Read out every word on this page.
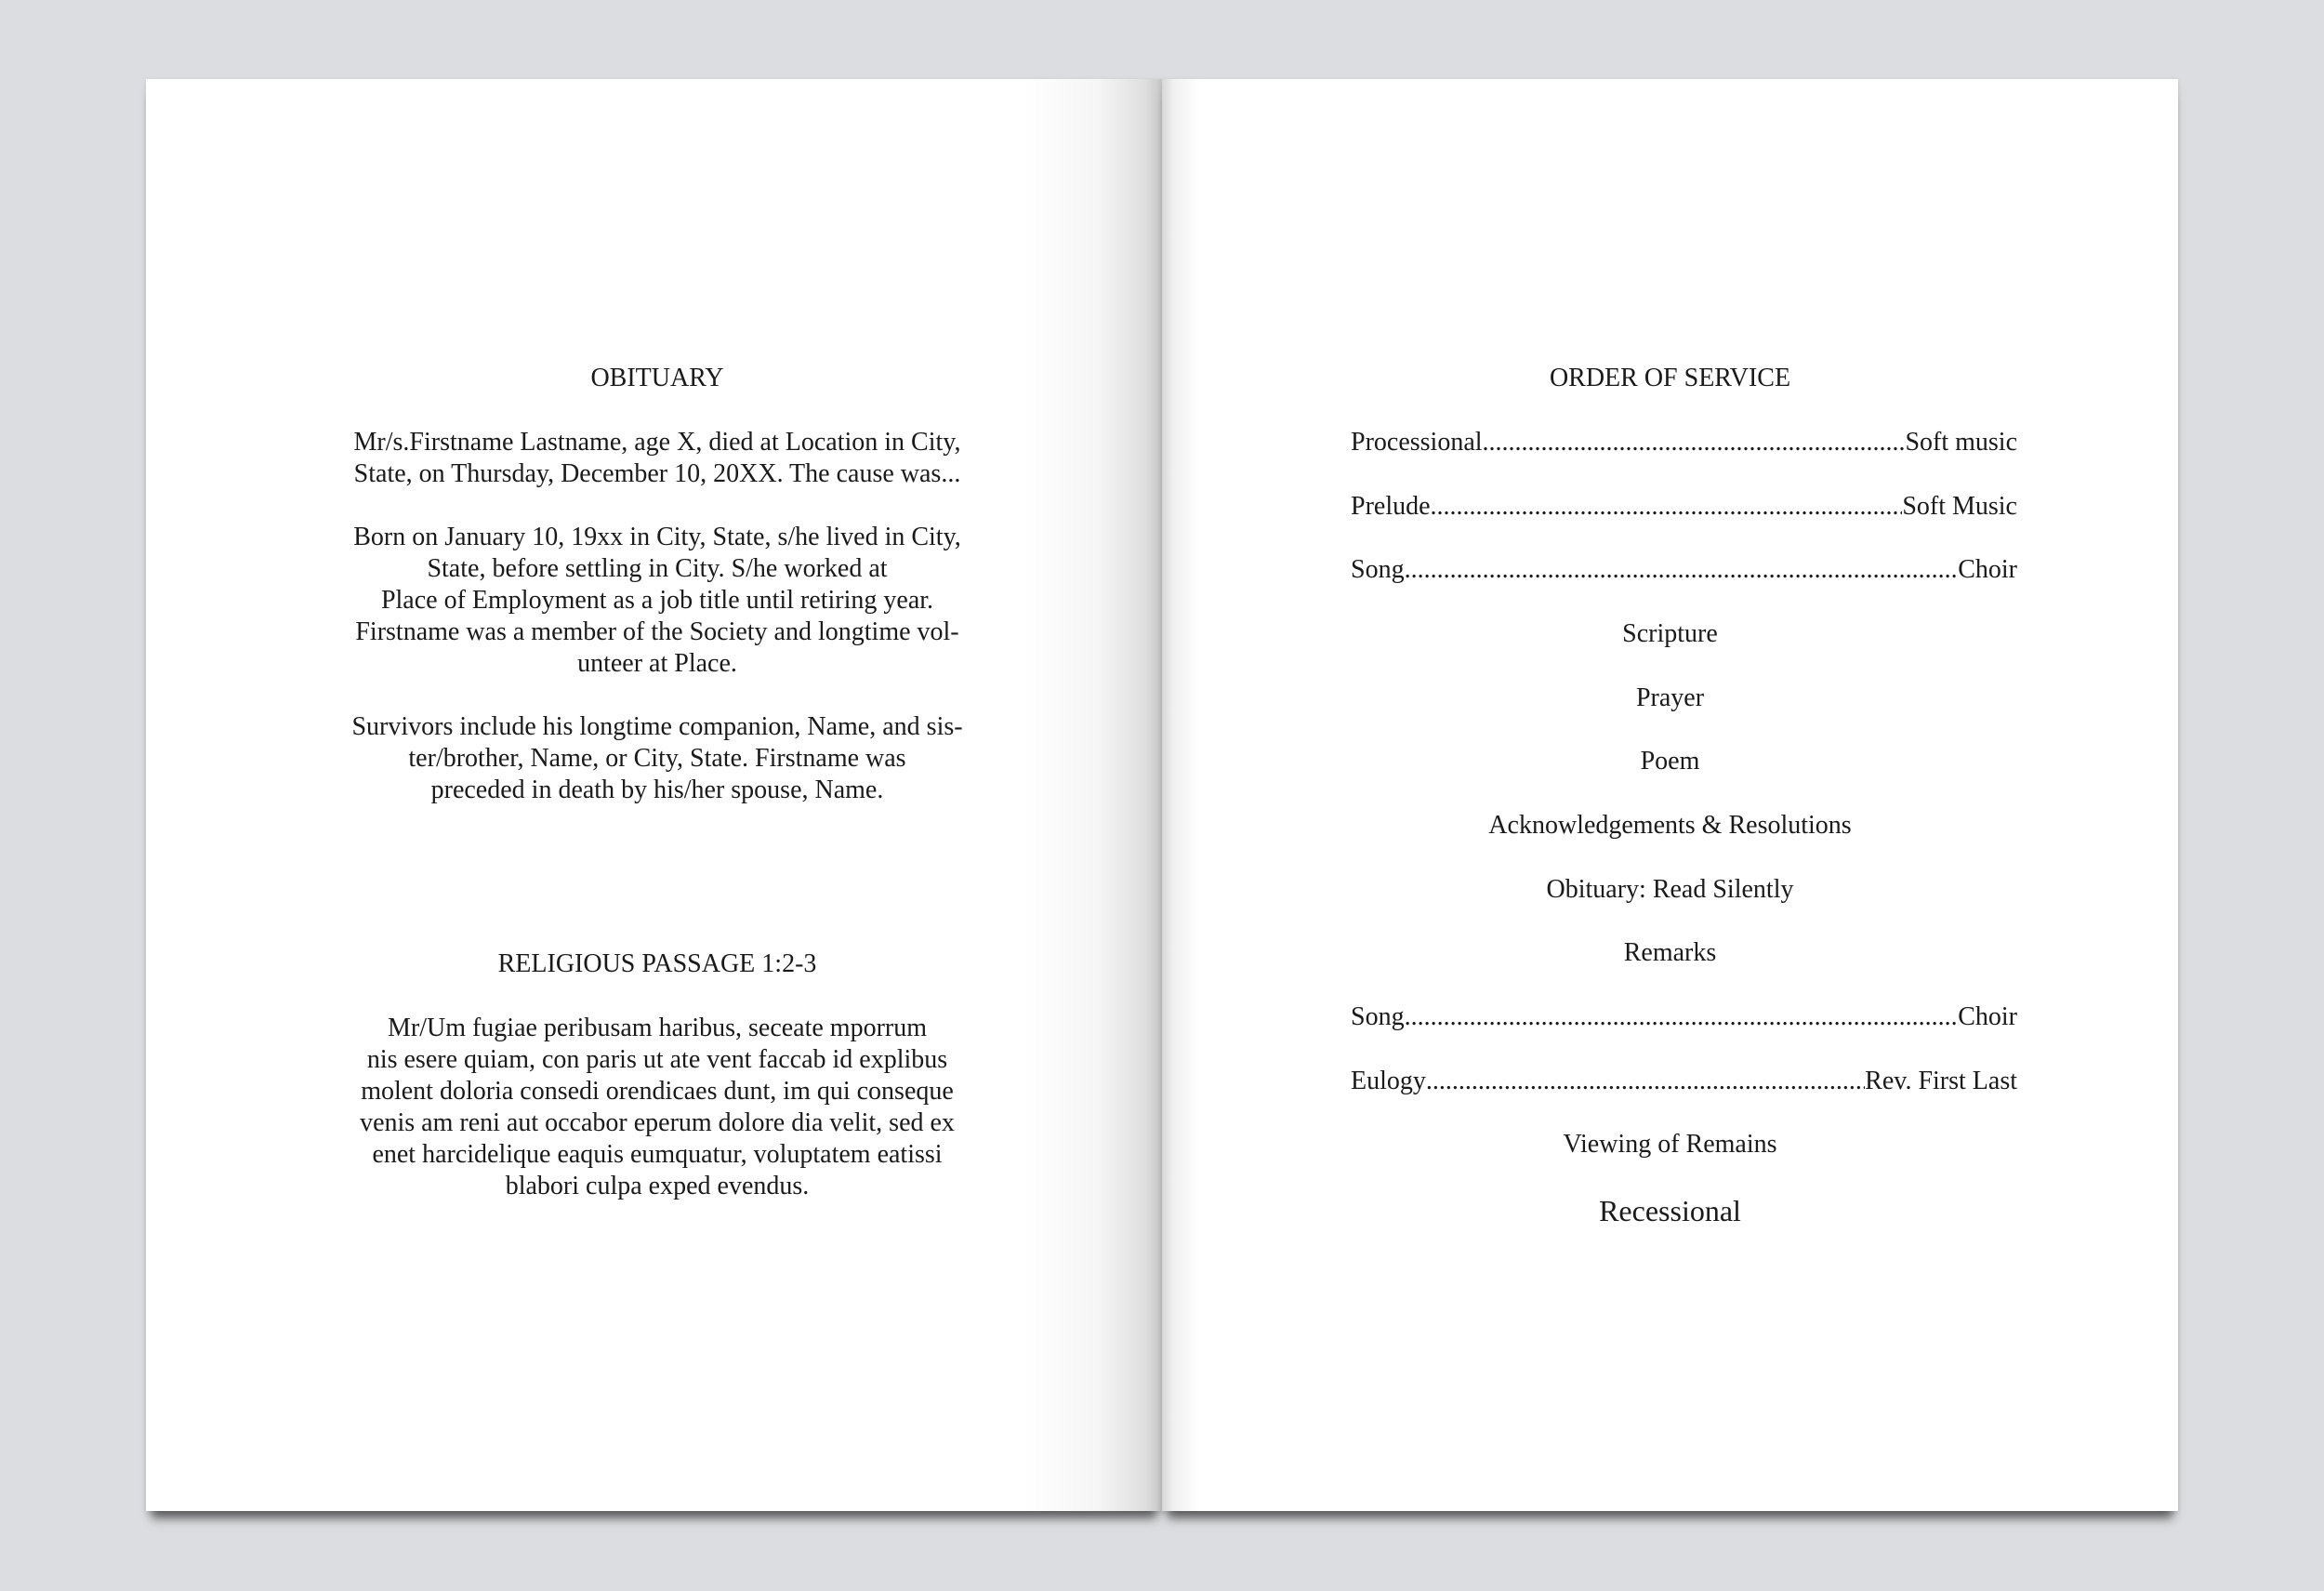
OBITUARY

Mr/s.Firstname Lastname, age X, died at Location in City,
State, on Thursday, December 10, 20XX. The cause was...

Born on January 10, 19xx in City, State, s/he lived in City,
State, before settling in City. S/he worked at
Place of Employment as a job title until retiring year.
Firstname was a member of the Society and longtime vol-
unteer at Place.

Survivors include his longtime companion, Name, and sis-
ter/brother, Name, or City, State. Firstname was
preceded in death by his/her spouse, Name.

RELIGIOUS PASSAGE 1:2-3

Mr/Um fugiae peribusam haribus, seceate mporrum
nis esere quiam, con paris ut ate vent faccab id explibus
molent doloria consedi orendicaes dunt, im qui conseque
venis am reni aut occabor eperum dolore dia velit, sed ex
enet harcidelique eaquis eumquatur, voluptatem eatissi
blabori culpa exped evendus.

ORDER OF SERVICE
Processional .....	Soft music
Prelude .....	Soft Music
Song .....	Choir
Scripture
Prayer
Poem
Acknowledgements & Resolutions
Obituary: Read Silently
Remarks
Song .....	Choir
Eulogy .....	Rev. First Last
Viewing of Remains
Recessional
